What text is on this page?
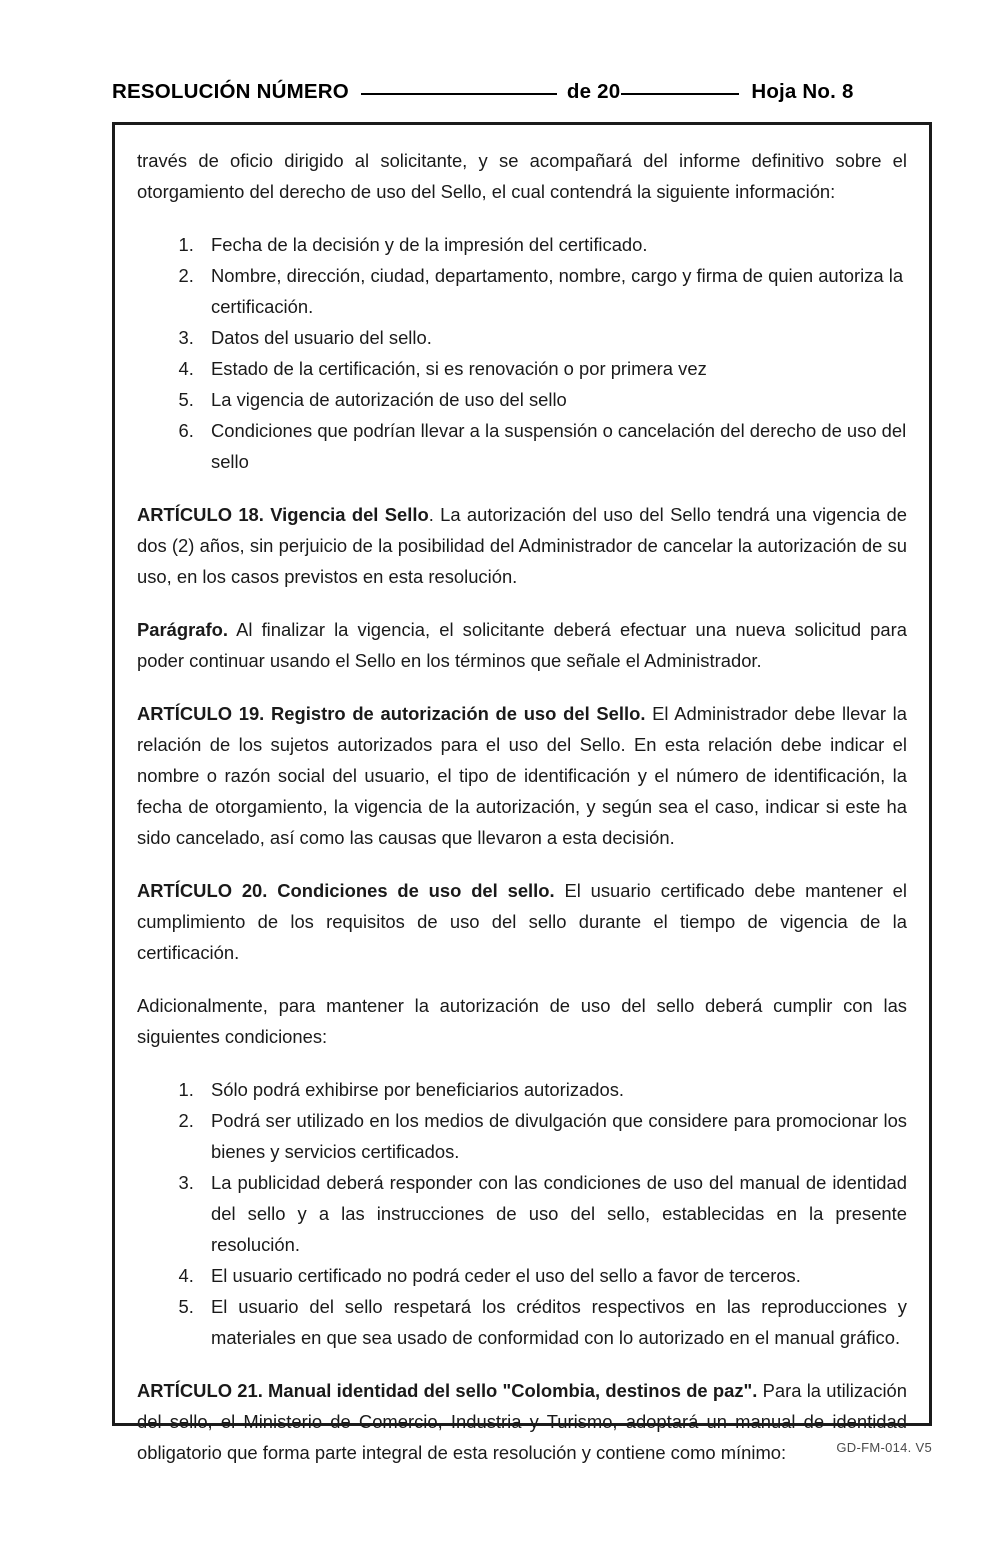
RESOLUCIÓN NÚMERO	de 20	Hoja No. 8

través de oficio dirigido al solicitante, y se acompañará del informe definitivo sobre el otorgamiento del derecho de uso del Sello, el cual contendrá la siguiente información:

1. Fecha de la decisión y de la impresión del certificado.
2. Nombre, dirección, ciudad, departamento, nombre, cargo y firma de quien autoriza la certificación.
3. Datos del usuario del sello.
4. Estado de la certificación, si es renovación o por primera vez
5. La vigencia de autorización de uso del sello
6. Condiciones que podrían llevar a la suspensión o cancelación del derecho de uso del sello

ARTÍCULO 18. Vigencia del Sello. La autorización del uso del Sello tendrá una vigencia de dos (2) años, sin perjuicio de la posibilidad del Administrador de cancelar la autorización de su uso, en los casos previstos en esta resolución.

Parágrafo. Al finalizar la vigencia, el solicitante deberá efectuar una nueva solicitud para poder continuar usando el Sello en los términos que señale el Administrador.

ARTÍCULO 19. Registro de autorización de uso del Sello. El Administrador debe llevar la relación de los sujetos autorizados para el uso del Sello. En esta relación debe indicar el nombre o razón social del usuario, el tipo de identificación y el número de identificación, la fecha de otorgamiento, la vigencia de la autorización, y según sea el caso, indicar si este ha sido cancelado, así como las causas que llevaron a esta decisión.

ARTÍCULO 20. Condiciones de uso del sello. El usuario certificado debe mantener el cumplimiento de los requisitos de uso del sello durante el tiempo de vigencia de la certificación.

Adicionalmente, para mantener la autorización de uso del sello deberá cumplir con las siguientes condiciones:

1. Sólo podrá exhibirse por beneficiarios autorizados.
2. Podrá ser utilizado en los medios de divulgación que considere para promocionar los bienes y servicios certificados.
3. La publicidad deberá responder con las condiciones de uso del manual de identidad del sello y a las instrucciones de uso del sello, establecidas en la presente resolución.
4. El usuario certificado no podrá ceder el uso del sello a favor de terceros.
5. El usuario del sello respetará los créditos respectivos en las reproducciones y materiales en que sea usado de conformidad con lo autorizado en el manual gráfico.

ARTÍCULO 21. Manual identidad del sello "Colombia, destinos de paz". Para la utilización del sello, el Ministerio de Comercio, Industria y Turismo, adoptará un manual de identidad obligatorio que forma parte integral de esta resolución y contiene como mínimo:	GD-FM-014. V5
